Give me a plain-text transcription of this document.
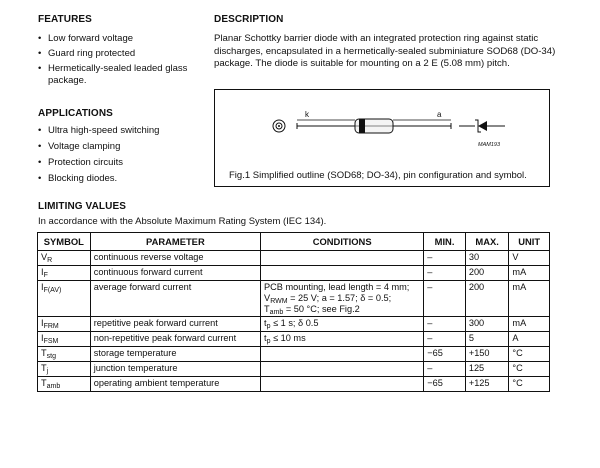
FEATURES
• Low forward voltage
• Guard ring protected
• Hermetically-sealed leaded glass package.
APPLICATIONS
• Ultra high-speed switching
• Voltage clamping
• Protection circuits
• Blocking diodes.
DESCRIPTION
Planar Schottky barrier diode with an integrated protection ring against static discharges, encapsulated in a hermetically-sealed subminiature SOD68 (DO-34) package. The diode is suitable for mounting on a 2 E (5.08 mm) pitch.
k	a
MAM193
Fig.1 Simplified outline (SOD68; DO-34), pin configuration and symbol.
LIMITING VALUES
In accordance with the Absolute Maximum Rating System (IEC 134).
SYMBOL	PARAMETER	CONDITIONS	MIN.	MAX.	UNIT
$V_R$	continuous reverse voltage		–	30	V
$I_F$	continuous forward current		–	200	mA
$I_{F(AV)}$	average forward current	PCB mounting, lead length = 4 mm;
$V_{RWM} = 25$ V; a = 1.57; δ = 0.5;
$T_{amb} = 50$ °C; see Fig.2	–	200	mA
$I_{FRM}$	repetitive peak forward current	$t_p \le 1$ s; δ 0.5	–	300	mA
$I_{FSM}$	non-repetitive peak forward current	$t_p \le 10$ ms	–	5	A
$T_{stg}$	storage temperature		−65	+150	°C
$T_j$	junction temperature		–	125	°C
$T_{amb}$	operating ambient temperature		−65	+125	°C
